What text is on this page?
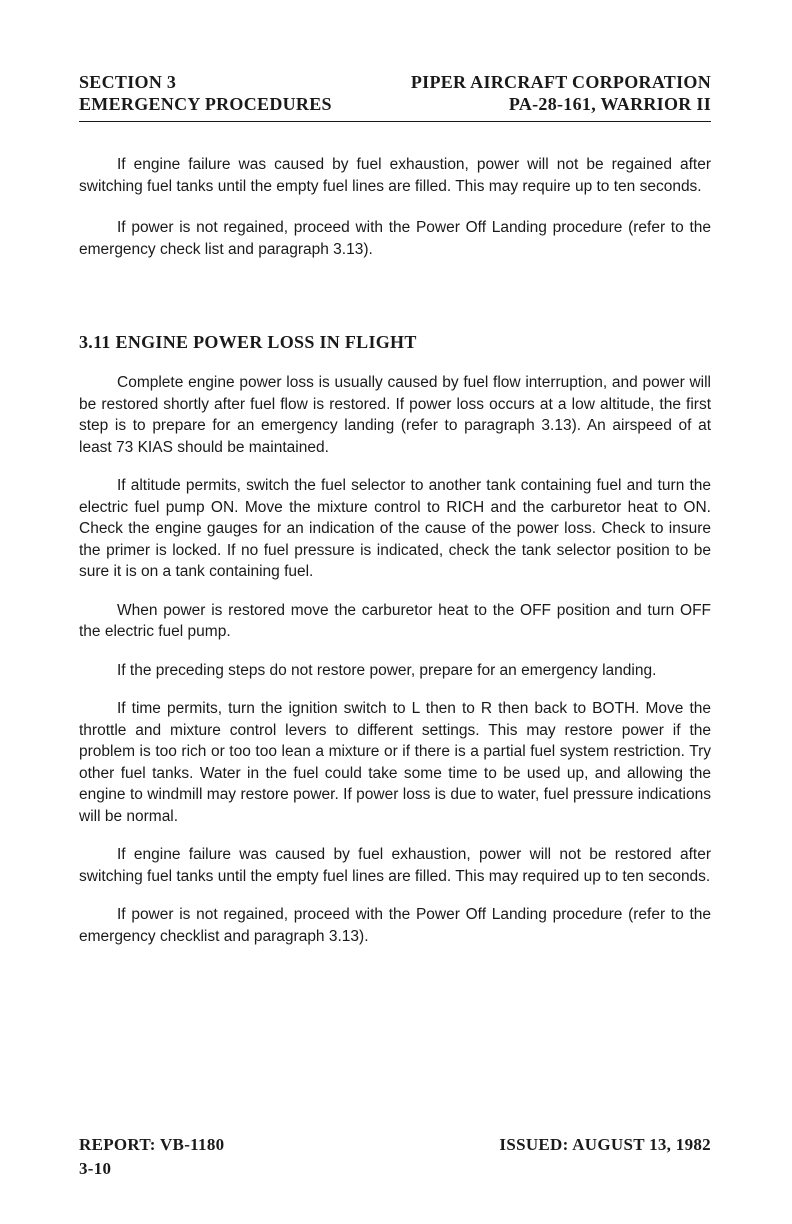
SECTION 3	PIPER AIRCRAFT CORPORATION
EMERGENCY PROCEDURES	PA-28-161, WARRIOR II

If engine failure was caused by fuel exhaustion, power will not be regained after switching fuel tanks until the empty fuel lines are filled. This may require up to ten seconds.

If power is not regained, proceed with the Power Off Landing procedure (refer to the emergency check list and paragraph 3.13).

3.11 ENGINE POWER LOSS IN FLIGHT

Complete engine power loss is usually caused by fuel flow interruption, and power will be restored shortly after fuel flow is restored. If power loss occurs at a low altitude, the first step is to prepare for an emergency landing (refer to paragraph 3.13). An airspeed of at least 73 KIAS should be maintained.

If altitude permits, switch the fuel selector to another tank containing fuel and turn the electric fuel pump ON. Move the mixture control to RICH and the carburetor heat to ON. Check the engine gauges for an indication of the cause of the power loss. Check to insure the primer is locked. If no fuel pressure is indicated, check the tank selector position to be sure it is on a tank containing fuel.

When power is restored move the carburetor heat to the OFF position and turn OFF the electric fuel pump.

If the preceding steps do not restore power, prepare for an emergency landing.

If time permits, turn the ignition switch to L then to R then back to BOTH. Move the throttle and mixture control levers to different settings. This may restore power if the problem is too rich or too too lean a mixture or if there is a partial fuel system restriction. Try other fuel tanks. Water in the fuel could take some time to be used up, and allowing the engine to windmill may restore power. If power loss is due to water, fuel pressure indications will be normal.

If engine failure was caused by fuel exhaustion, power will not be restored after switching fuel tanks until the empty fuel lines are filled. This may required up to ten seconds.

If power is not regained, proceed with the Power Off Landing procedure (refer to the emergency checklist and paragraph 3.13).

REPORT: VB-1180	ISSUED: AUGUST 13, 1982
3-10
